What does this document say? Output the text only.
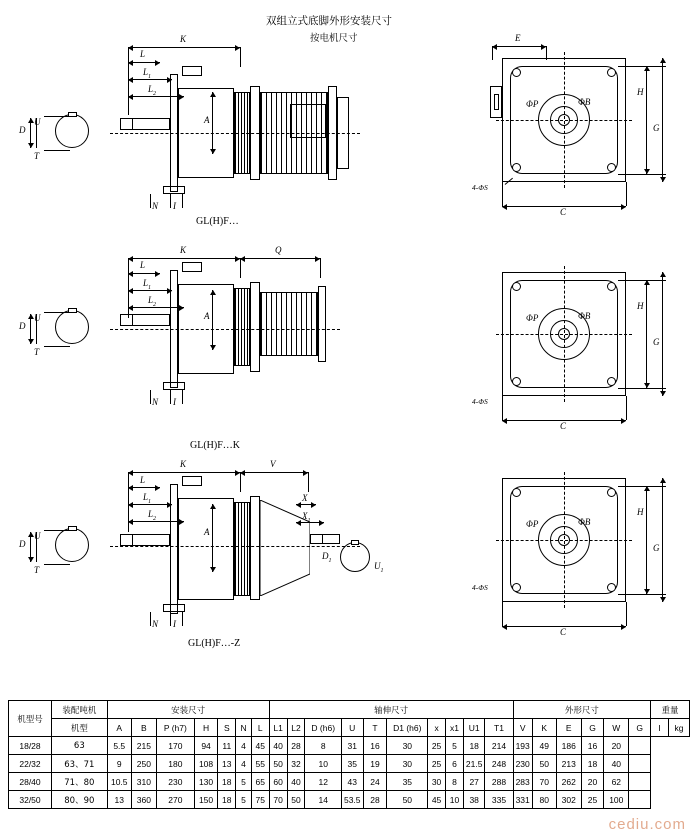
双组立式底脚外形安装尺寸
按电机尺寸
D
U
T
K
L
$L_1$
$L_2$
A
N I
GL(H)F…
E
ΦP	ΦB
4-ΦS
H
G
C
D
U
T
K	Q
L
$L_1$
$L_2$
A
N I
GL(H)F…K
ΦP	ΦB
4-ΦS
H
G
C
D
U
T
$D_1$
$U_1$
K	V
L
$L_1$
$L_2$
A
X
$X_1$
N I
GL(H)F…-Z
ΦP	ΦB
4-ΦS
H
G
C
机型号	装配吨机	安装尺寸							轴伸尺寸										外形尺寸						重量	
	机型	A	B	P (h7)	H	S	N	L	L1	L2	D (h6)	U	T	D1 (h6)	x	x1	U1	T1	V	K	E	G	W	G	I	kg
18/28	63	5.5	215	170	94	11	4	45	40	28	8	31	16	30	25	5	18	214	193	49	186	16	20			
22/32	63、71	9	250	180	108	13	4	55	50	32	10	35	19	30	25	6	21.5	248	230	50	213	18	40			
28/40	71、80	10.5	310	230	130	18	5	65	60	40	12	43	24	35	30	8	27	288	283	70	262	20	62			
32/50	80、90	13	360	270	150	18	5	75	70	50	14	53.5	28	50	45	10	38	335	331	80	302	25	100			
cediu.com
